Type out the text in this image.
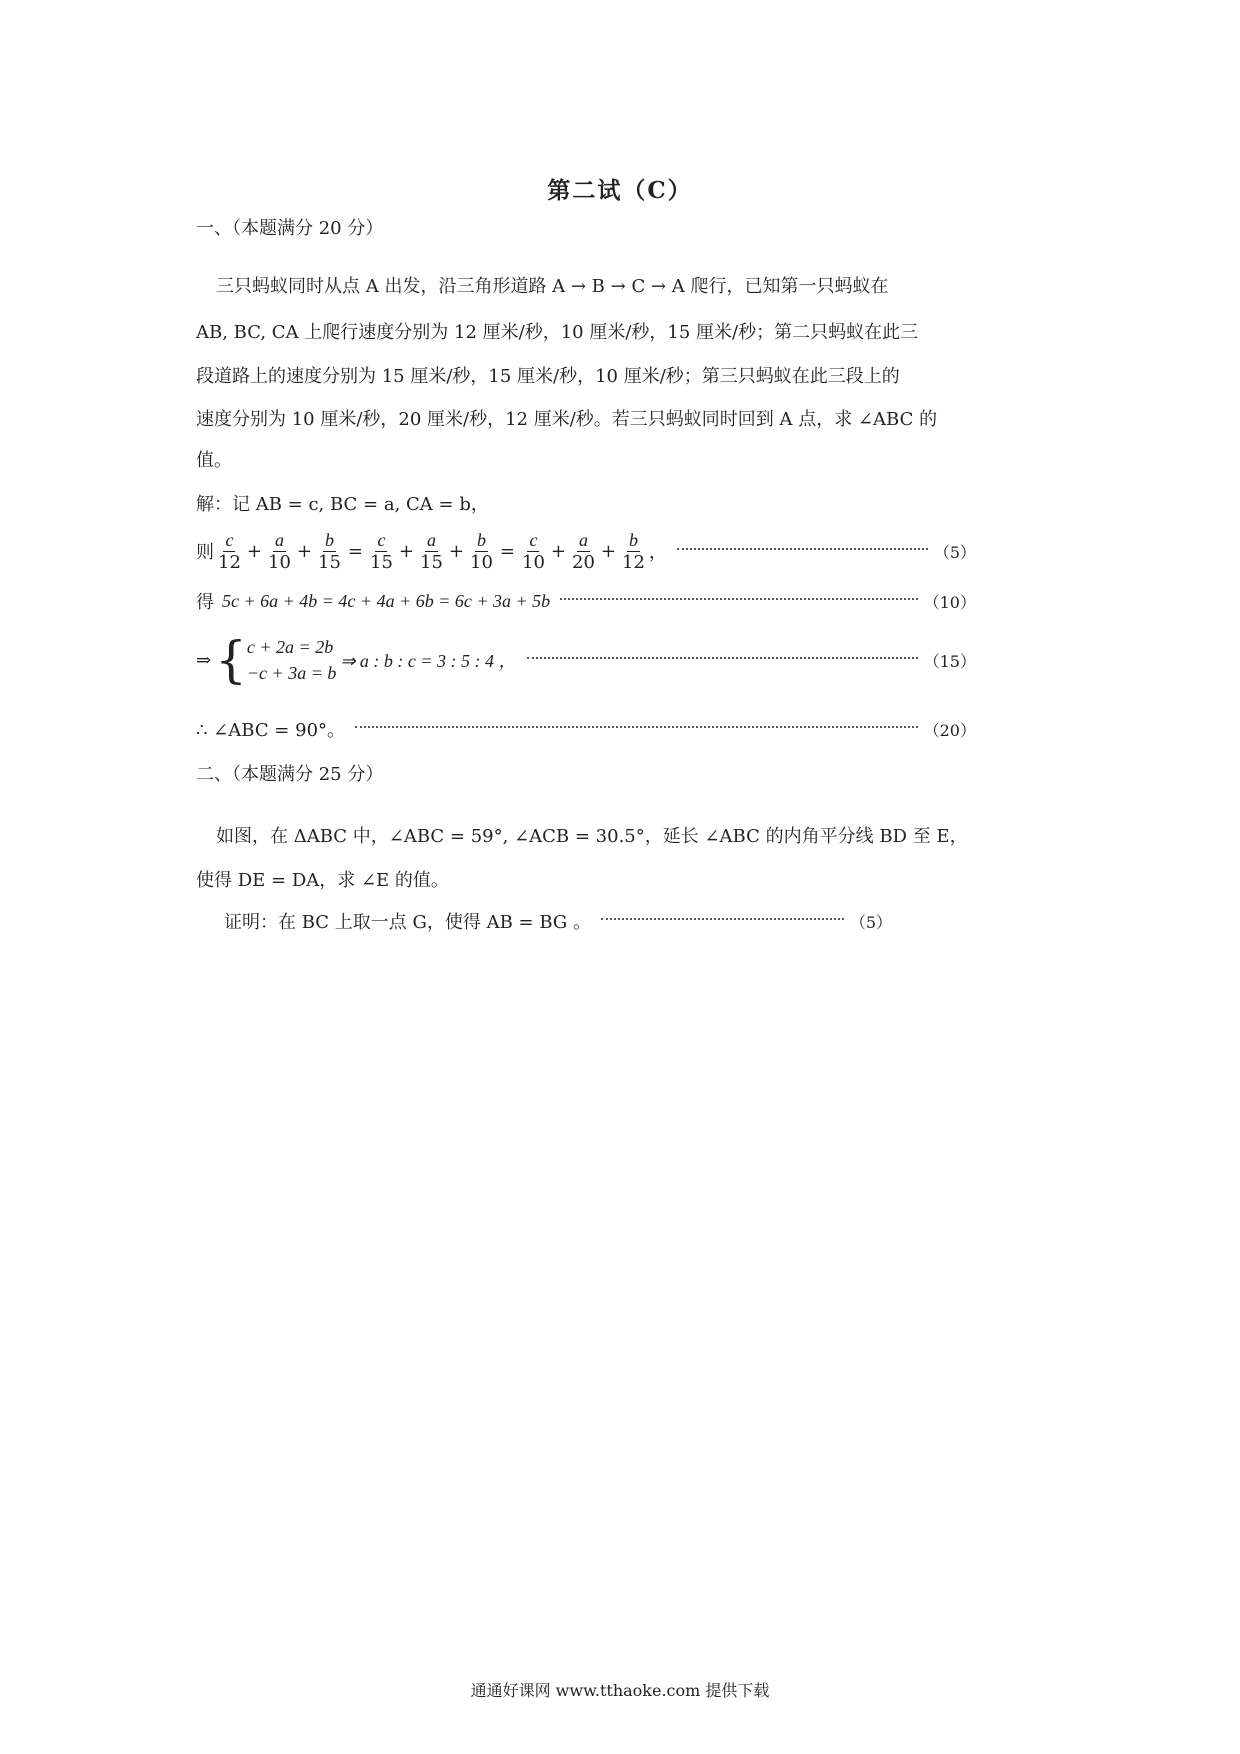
第二试（C）
一、（本题满分 20 分）
三只蚂蚁同时从点 A 出发，沿三角形道路 A → B → C → A 爬行，已知第一只蚂蚁在
AB, BC, CA 上爬行速度分别为 12 厘米/秒，10 厘米/秒，15 厘米/秒；第二只蚂蚁在此三
段道路上的速度分别为 15 厘米/秒，15 厘米/秒，10 厘米/秒；第三只蚂蚁在此三段上的
速度分别为 10 厘米/秒，20 厘米/秒，12 厘米/秒。若三只蚂蚁同时回到 A 点，求 ∠ABC 的
值。
解：记 AB = c, BC = a, CA = b，
则 $\frac{c}{12} + \frac{a}{10} + \frac{b}{15} = \frac{c}{15} + \frac{a}{15} + \frac{b}{10} = \frac{c}{10} + \frac{a}{20} + \frac{b}{12}$ ，	（5）
得 5c + 6a + 4b = 4c + 4a + 6b = 6c + 3a + 5b	（10）
⇒ { c + 2a = 2b
−c + 3a = b
⇒ a : b : c = 3 : 5 : 4 ，	（15）
∴ ∠ABC = 90°。	（20）
二、（本题满分 25 分）
如图，在 ΔABC 中，∠ABC = 59°, ∠ACB = 30.5°，延长 ∠ABC 的内角平分线 BD 至 E，
使得 DE = DA，求 ∠E 的值。
证明：在 BC 上取一点 G，使得 AB = BG 。	（5）
通通好课网 www.tthaoke.com 提供下载
